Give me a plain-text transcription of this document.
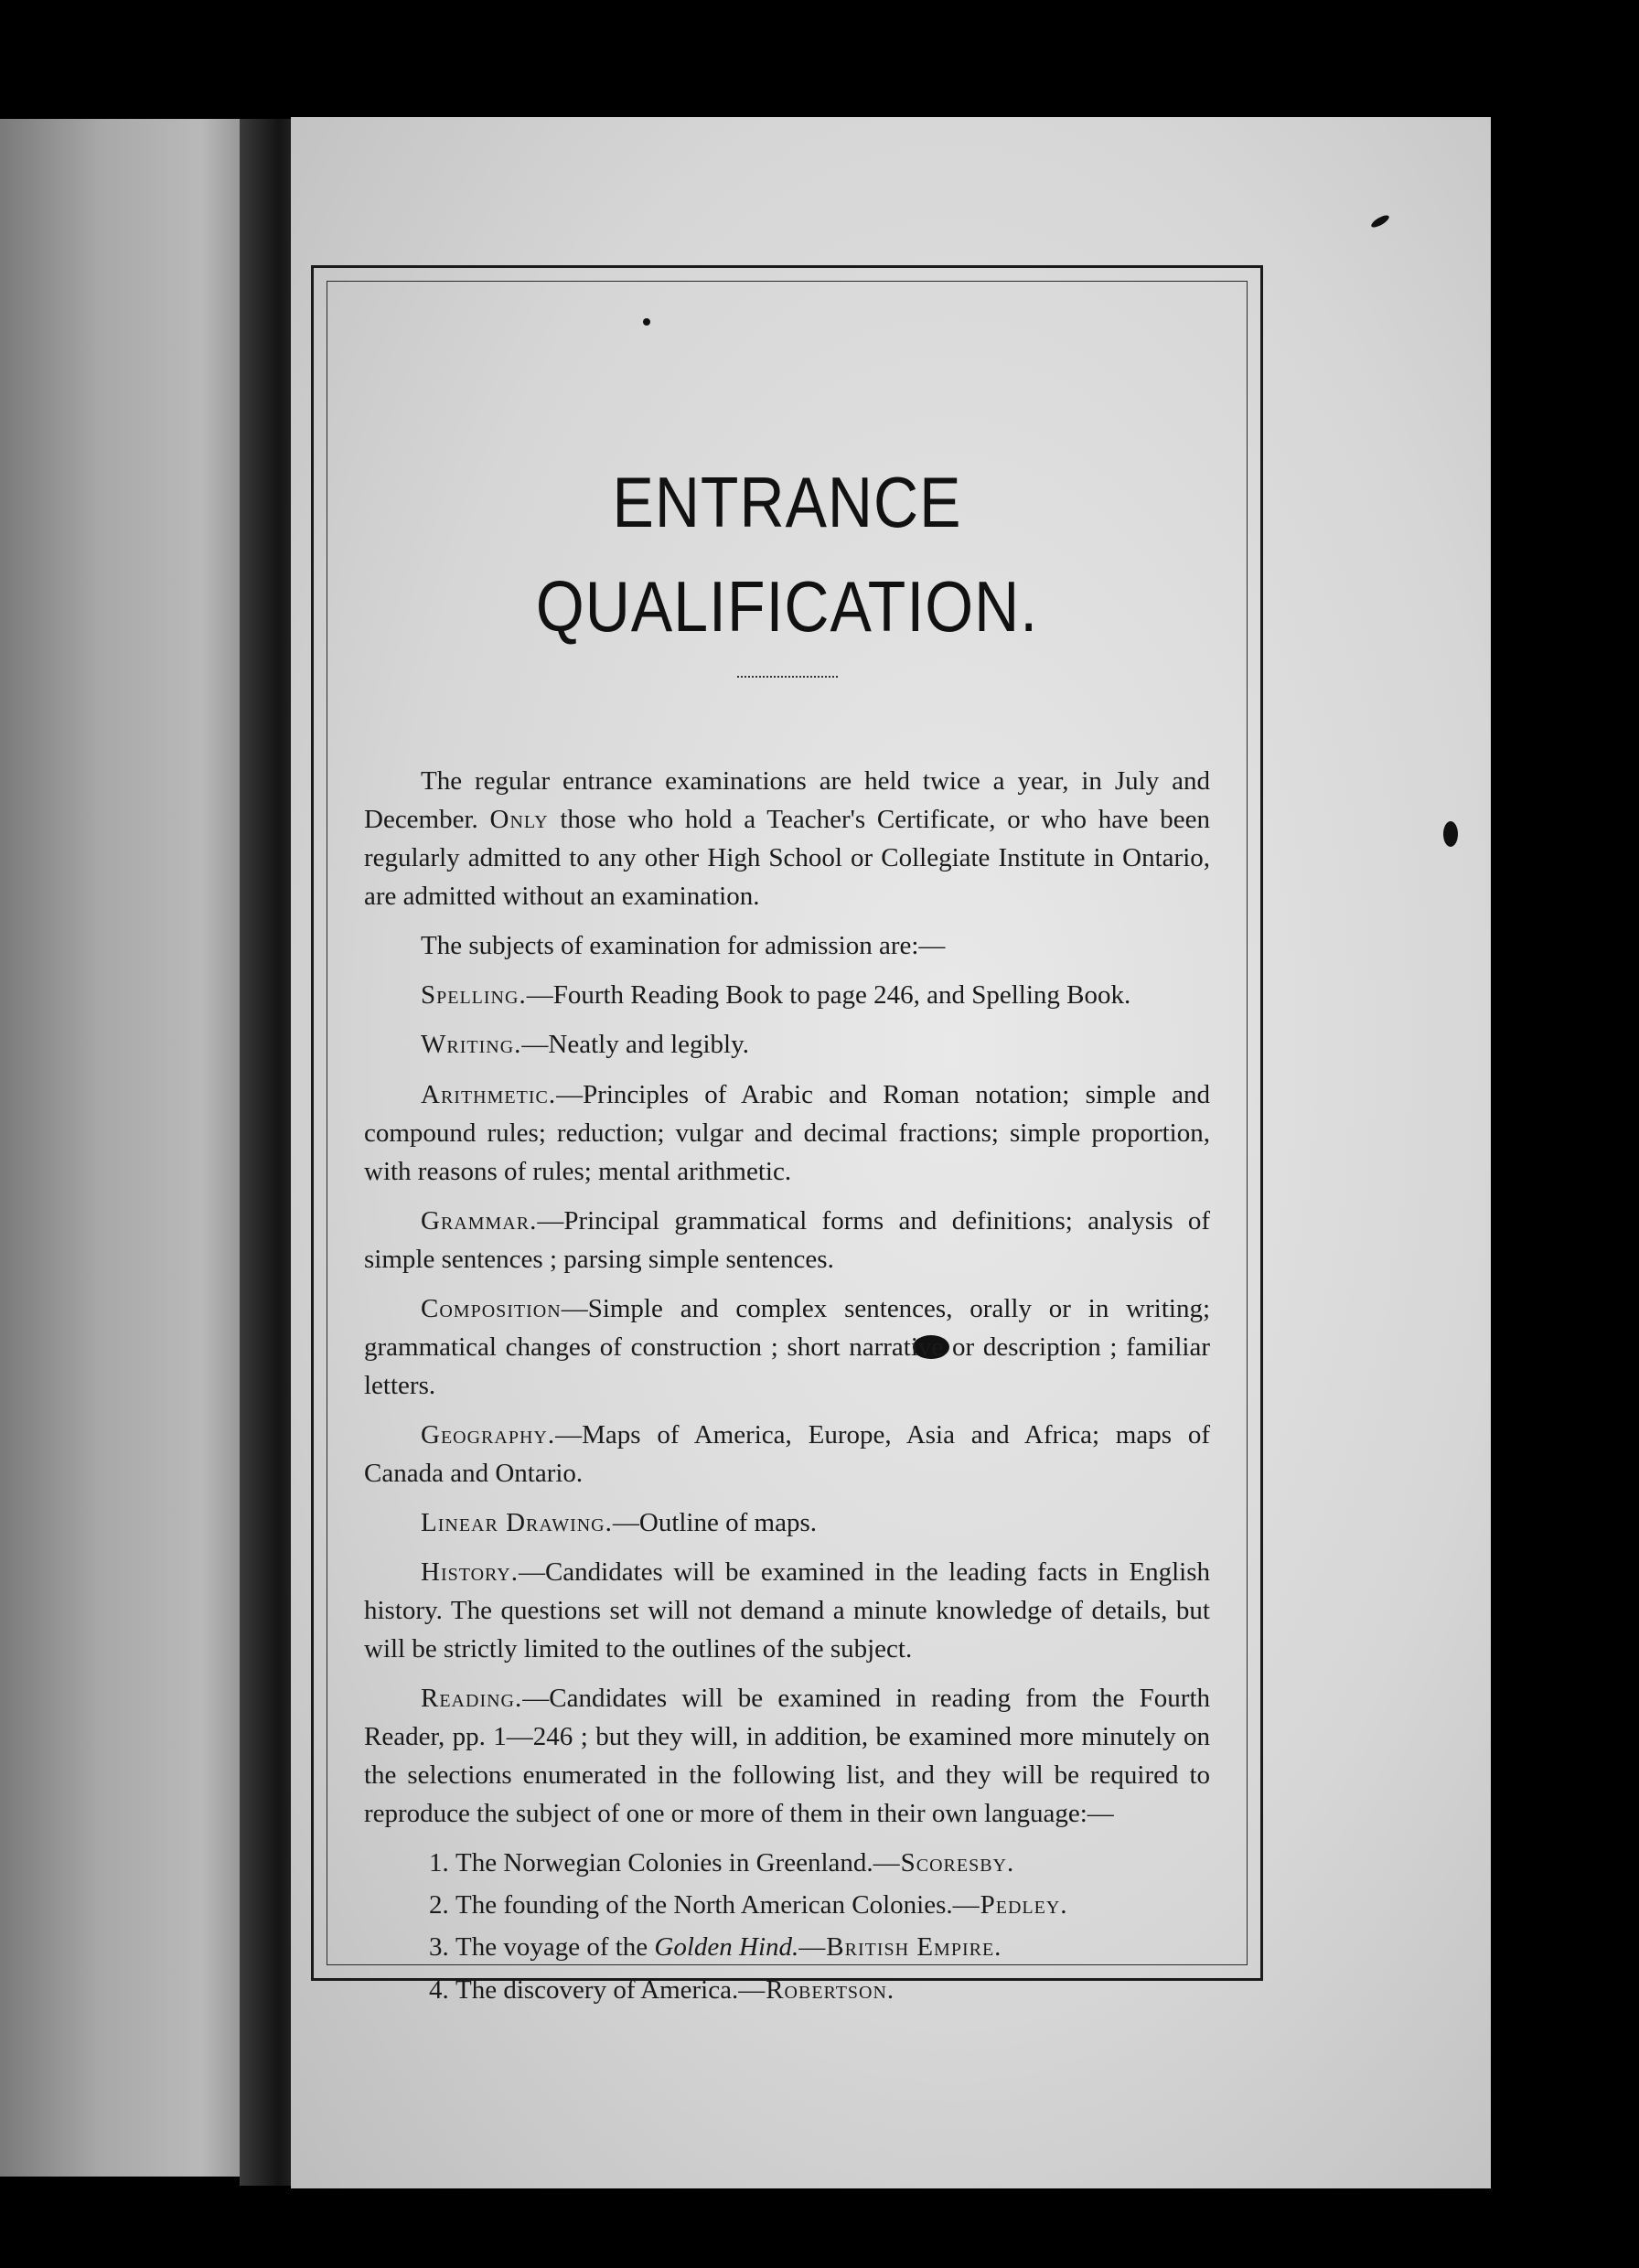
ENTRANCE QUALIFICATION.

The regular entrance examinations are held twice a year, in July and December. Only those who hold a Teacher's Certificate, or who have been regularly admitted to any other High School or Collegiate Institute in Ontario, are admitted without an examination.

The subjects of examination for admission are:—

Spelling.—Fourth Reading Book to page 246, and Spelling Book.

Writing.—Neatly and legibly.

Arithmetic.—Principles of Arabic and Roman notation; simple and compound rules; reduction; vulgar and decimal fractions; simple proportion, with reasons of rules; mental arithmetic.

Grammar.—Principal grammatical forms and definitions; analysis of simple sentences ; parsing simple sentences.

Composition—Simple and complex sentences, orally or in writing; grammatical changes of construction ; short narrative or description ; familiar letters.

Geography.—Maps of America, Europe, Asia and Africa; maps of Canada and Ontario.

Linear Drawing.—Outline of maps.

History.—Candidates will be examined in the leading facts in English history. The questions set will not demand a minute knowledge of details, but will be strictly limited to the outlines of the subject.

Reading.—Candidates will be examined in reading from the Fourth Reader, pp. 1—246 ; but they will, in addition, be examined more minutely on the selections enumerated in the following list, and they will be required to reproduce the subject of one or more of them in their own language:—

1. The Norwegian Colonies in Greenland.—Scoresby.
2. The founding of the North American Colonies.—Pedley.
3. The voyage of the Golden Hind.—British Empire.
4. The discovery of America.—Robertson.
